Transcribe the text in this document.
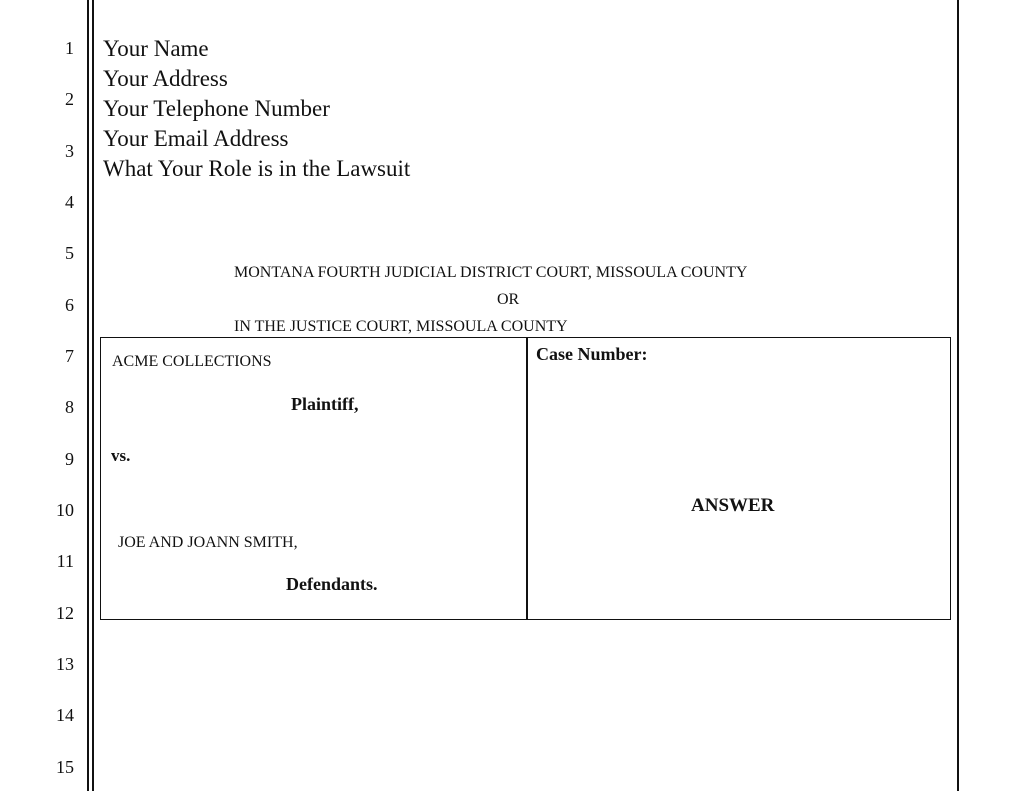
1
2
3
4
5
6
7
8
9
10
11
12
13
14
15
Your Name
Your Address
Your Telephone Number
Your Email Address
What Your Role is in the Lawsuit
MONTANA FOURTH JUDICIAL DISTRICT COURT, MISSOULA COUNTY
OR
IN THE JUSTICE COURT, MISSOULA COUNTY
ACME COLLECTIONS
Plaintiff,
vs.
JOE AND JOANN SMITH,
Defendants.
Case Number:
ANSWER
